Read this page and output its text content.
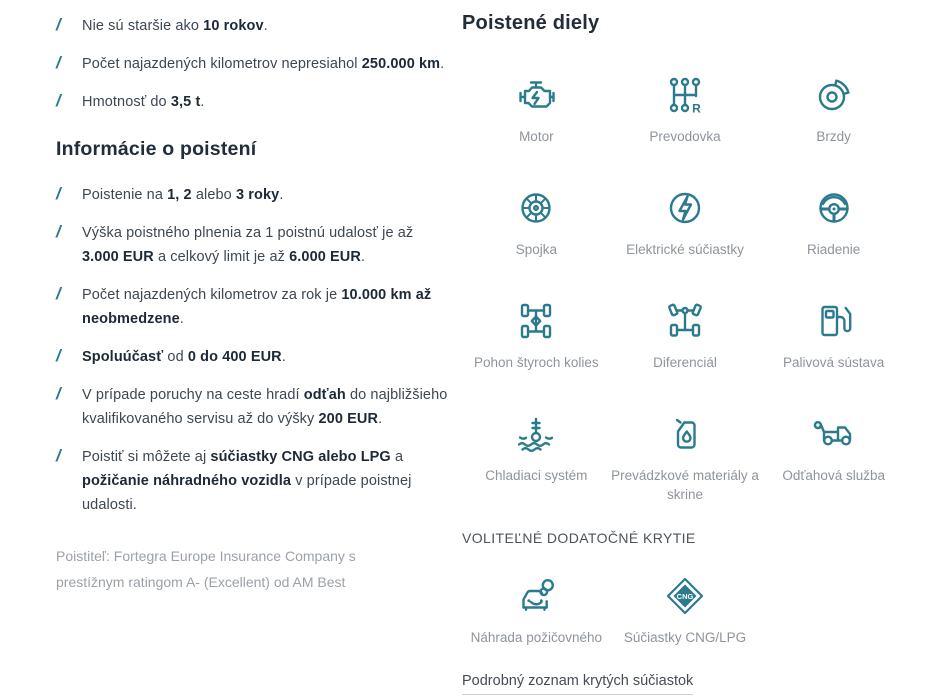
/	Nie sú staršie ako 10 rokov.
/	Počet najazdených kilometrov nepresiahol 250.000 km.
/	Hmotnosť do 3,5 t.
Informácie o poistení
/	Poistenie na 1, 2 alebo 3 roky.
/	Výška poistného plnenia za 1 poistnú udalosť je až 3.000 EUR a celkový limit je až 6.000 EUR.
/	Počet najazdených kilometrov za rok je 10.000 km až neobmedzene.
/	Spoluúčasť od 0 do 400 EUR.
/	V prípade poruchy na ceste hradí odťah do najbližšieho kvalifikovaného servisu až do výšky 200 EUR.
/	Poistiť si môžete aj súčiastky CNG alebo LPG a požičanie náhradného vozidla v prípade poistnej udalosti.

Poistiteľ: Fortegra Europe Insurance Company s prestížnym ratingom A- (Excellent) od AM Best

Poistené diely
Motor
R
Prevodovka	Brzdy
Spojka	Elektrické súčiastky	Riadenie
Pohon štyroch kolies	Diferenciál	Palivová sústava
Chladiaci systém Prevádzkové materiály a skrine
Odťahová služba
VOLITEĽNÉ DODATOČNÉ KRYTIE
Náhrada požičovného
CNG
Súčiastky CNG/LPG
Podrobný zoznam krytých súčiastok
